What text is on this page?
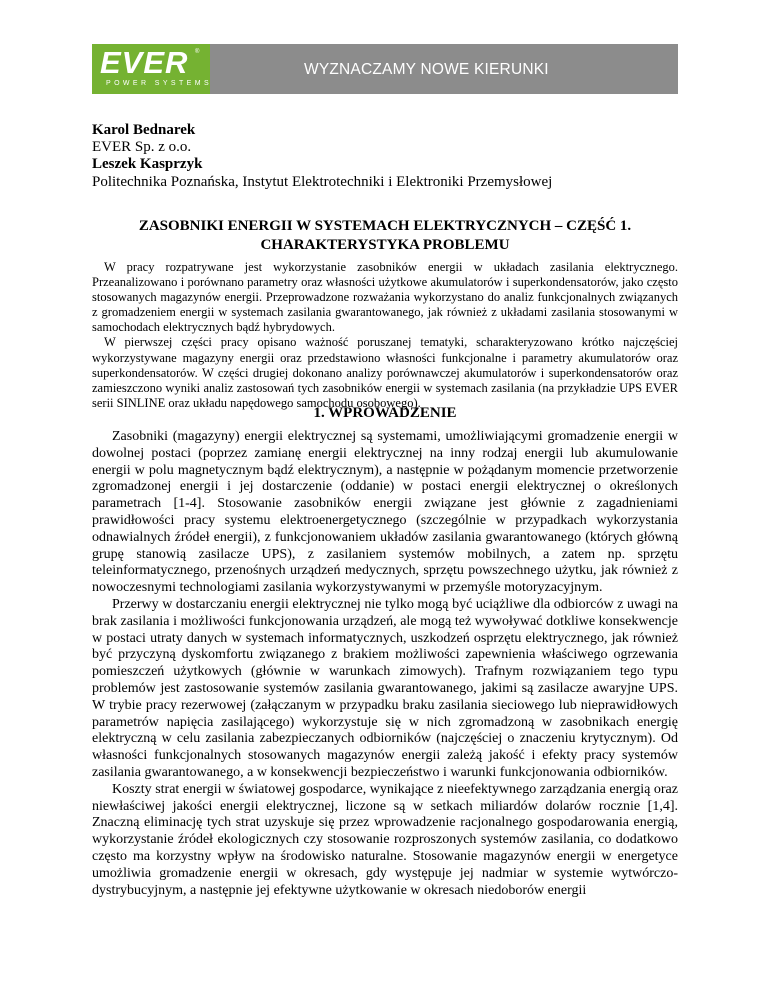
EVER	®
POWER SYSTEMS
WYZNACZAMY NOWE KIERUNKI
Karol Bednarek
EVER Sp. z o.o.
Leszek Kasprzyk
Politechnika Poznańska, Instytut Elektrotechniki i Elektroniki Przemysłowej
ZASOBNIKI ENERGII W SYSTEMACH ELEKTRYCZNYCH – CZĘŚĆ 1.
CHARAKTERYSTYKA PROBLEMU

W pracy rozpatrywane jest wykorzystanie zasobników energii w układach zasilania elektrycznego. Przeanalizowano i porównano parametry oraz własności użytkowe akumulatorów i superkondensatorów, jako często stosowanych magazynów energii. Przeprowadzone rozważania wykorzystano do analiz funkcjonalnych związanych z gromadzeniem energii w systemach zasilania gwarantowanego, jak również z układami zasilania stosowanymi w samochodach elektrycznych bądź hybrydowych.

W pierwszej części pracy opisano ważność poruszanej tematyki, scharakteryzowano krótko najczęściej wykorzystywane magazyny energii oraz przedstawiono własności funkcjonalne i parametry akumulatorów oraz superkondensatorów. W części drugiej dokonano analizy porównawczej akumulatorów i superkondensatorów oraz zamieszczono wyniki analiz zastosowań tych zasobników energii w systemach zasilania (na przykładzie UPS EVER serii SINLINE oraz układu napędowego samochodu osobowego).

1. WPROWADZENIE

Zasobniki (magazyny) energii elektrycznej są systemami, umożliwiającymi gromadzenie energii w dowolnej postaci (poprzez zamianę energii elektrycznej na inny rodzaj energii lub akumulowanie energii w polu magnetycznym bądź elektrycznym), a następnie w pożądanym momencie przetworzenie zgromadzonej energii i jej dostarczenie (oddanie) w postaci energii elektrycznej o określonych parametrach [1-4]. Stosowanie zasobników energii związane jest głównie z zagadnieniami prawidłowości pracy systemu elektroenergetycznego (szczególnie w przypadkach wykorzystania odnawialnych źródeł energii), z funkcjonowaniem układów zasilania gwarantowanego (których główną grupę stanowią zasilacze UPS), z zasilaniem systemów mobilnych, a zatem np. sprzętu teleinformatycznego, przenośnych urządzeń medycznych, sprzętu powszechnego użytku, jak również z nowoczesnymi technologiami zasilania wykorzystywanymi w przemyśle motoryzacyjnym.

Przerwy w dostarczaniu energii elektrycznej nie tylko mogą być uciążliwe dla odbiorców z uwagi na brak zasilania i możliwości funkcjonowania urządzeń, ale mogą też wywoływać dotkliwe konsekwencje w postaci utraty danych w systemach informatycznych, uszkodzeń osprzętu elektrycznego, jak również być przyczyną dyskomfortu związanego z brakiem możliwości zapewnienia właściwego ogrzewania pomieszczeń użytkowych (głównie w warunkach zimowych). Trafnym rozwiązaniem tego typu problemów jest zastosowanie systemów zasilania gwarantowanego, jakimi są zasilacze awaryjne UPS. W trybie pracy rezerwowej (załączanym w przypadku braku zasilania sieciowego lub nieprawidłowych parametrów napięcia zasilającego) wykorzystuje się w nich zgromadzoną w zasobnikach energię elektryczną w celu zasilania zabezpieczanych odbiorników (najczęściej o znaczeniu krytycznym). Od własności funkcjonalnych stosowanych magazynów energii zależą jakość i efekty pracy systemów zasilania gwarantowanego, a w konsekwencji bezpieczeństwo i warunki funkcjonowania odbiorników.

Koszty strat energii w światowej gospodarce, wynikające z nieefektywnego zarządzania energią oraz niewłaściwej jakości energii elektrycznej, liczone są w setkach miliardów dolarów rocznie [1,4]. Znaczną eliminację tych strat uzyskuje się przez wprowadzenie racjonalnego gospodarowania energią, wykorzystanie źródeł ekologicznych czy stosowanie rozproszonych systemów zasilania, co dodatkowo często ma korzystny wpływ na środowisko naturalne. Stosowanie magazynów energii w energetyce umożliwia gromadzenie energii w okresach, gdy występuje jej nadmiar w systemie wytwórczo-dystrybucyjnym, a następnie jej efektywne użytkowanie w okresach niedoborów energii
